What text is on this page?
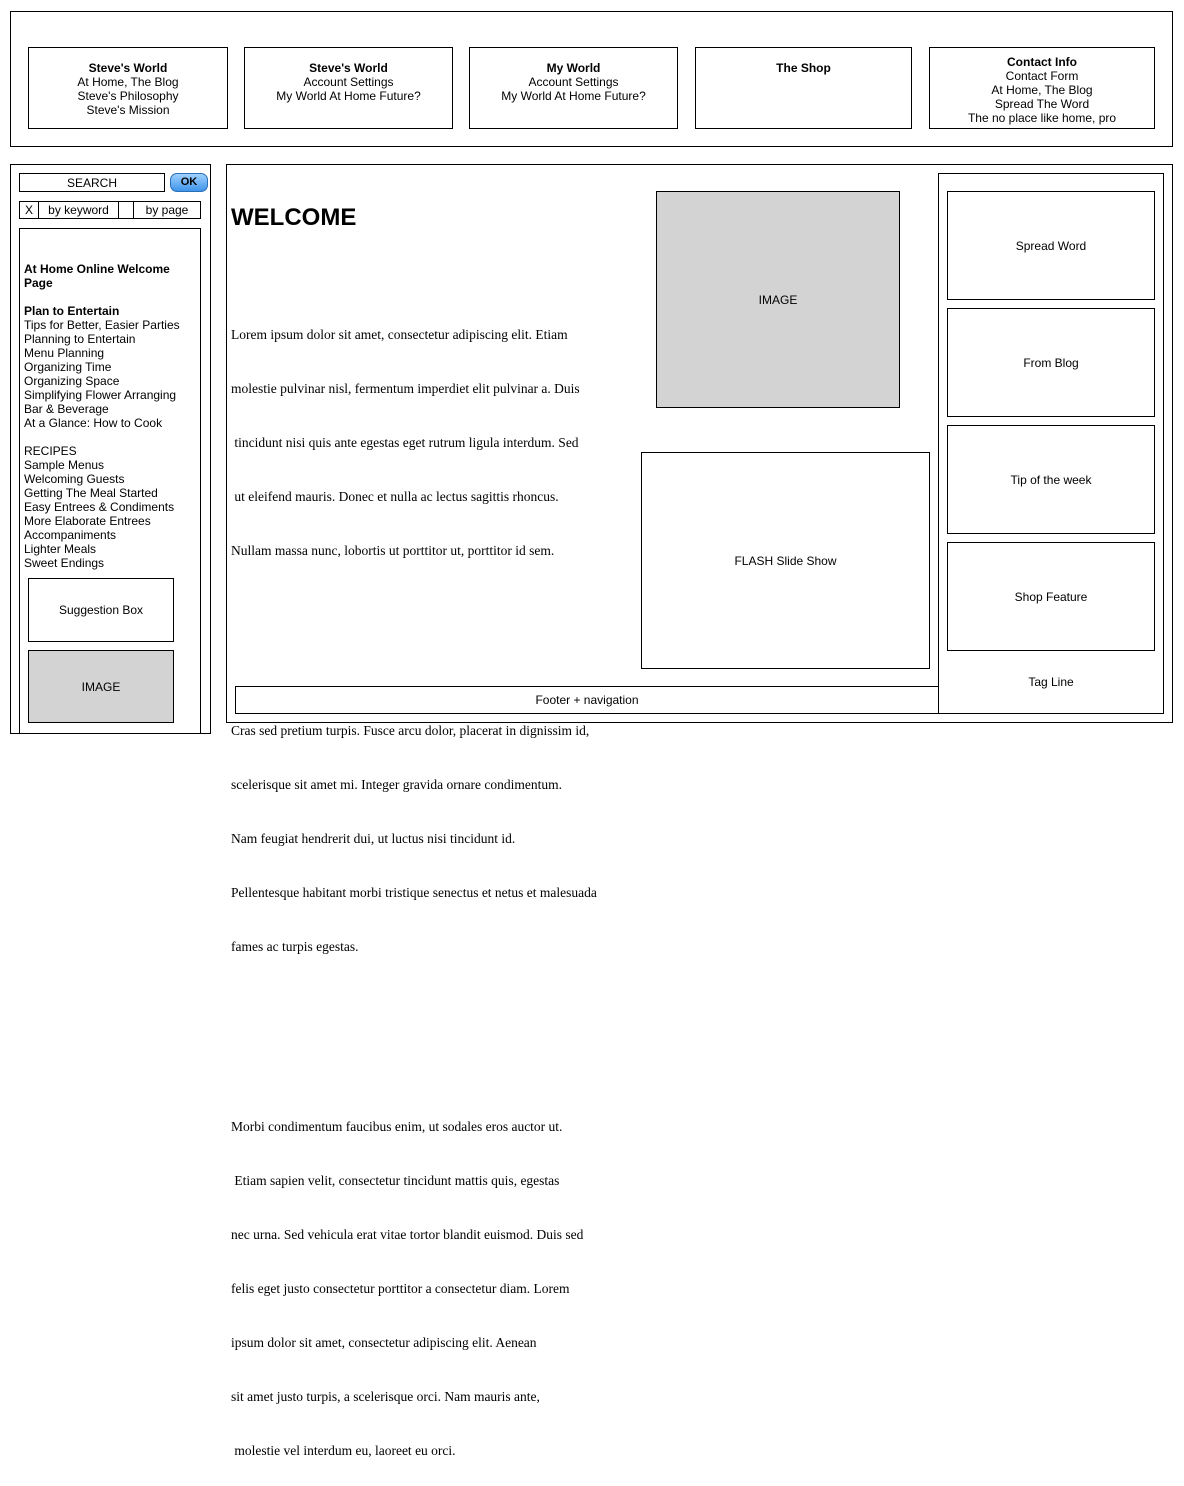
Steve's World
At Home, The Blog
Steve's Philosophy
Steve's Mission
Steve's World
Account Settings
My World At Home Future?
My World
Account Settings
My World At Home Future?
The Shop	Contact Info
Contact Form
At Home, The Blog
Spread The Word
The no place like home, pro
SEARCH	OK
X by keyword	by page
At Home Online Welcome Page
Plan to Entertain
Tips for Better, Easier Parties
Planning to Entertain
Menu Planning
Organizing Time
Organizing Space
Simplifying Flower Arranging
Bar & Beverage
At a Glance: How to Cook
RECIPES
Sample Menus
Welcoming Guests
Getting The Meal Started
Easy Entrees & Condiments
More Elaborate Entrees
Accompaniments
Lighter Meals
Sweet Endings
Suggestion Box
IMAGE
WELCOME

Lorem ipsum dolor sit amet, consectetur adipiscing elit. Etiam

molestie pulvinar nisl, fermentum imperdiet elit pulvinar a. Duis

tincidunt nisi quis ante egestas eget rutrum ligula interdum. Sed

ut eleifend mauris. Donec et nulla ac lectus sagittis rhoncus.

Nullam massa nunc, lobortis ut porttitor ut, porttitor id sem.

Cras sed pretium turpis. Fusce arcu dolor, placerat in dignissim id,

scelerisque sit amet mi. Integer gravida ornare condimentum.

Nam feugiat hendrerit dui, ut luctus nisi tincidunt id.

Pellentesque habitant morbi tristique senectus et netus et malesuada

fames ac turpis egestas.

Morbi condimentum faucibus enim, ut sodales eros auctor ut.

Etiam sapien velit, consectetur tincidunt mattis quis, egestas

nec urna. Sed vehicula erat vitae tortor blandit euismod. Duis sed

felis eget justo consectetur porttitor a consectetur diam. Lorem

ipsum dolor sit amet, consectetur adipiscing elit. Aenean

sit amet justo turpis, a scelerisque orci. Nam mauris ante,

molestie vel interdum eu, laoreet eu orci.

IMAGE
FLASH Slide Show
Footer + navigation
Spread Word
From Blog
Tip of the week
Shop Feature
Tag Line
